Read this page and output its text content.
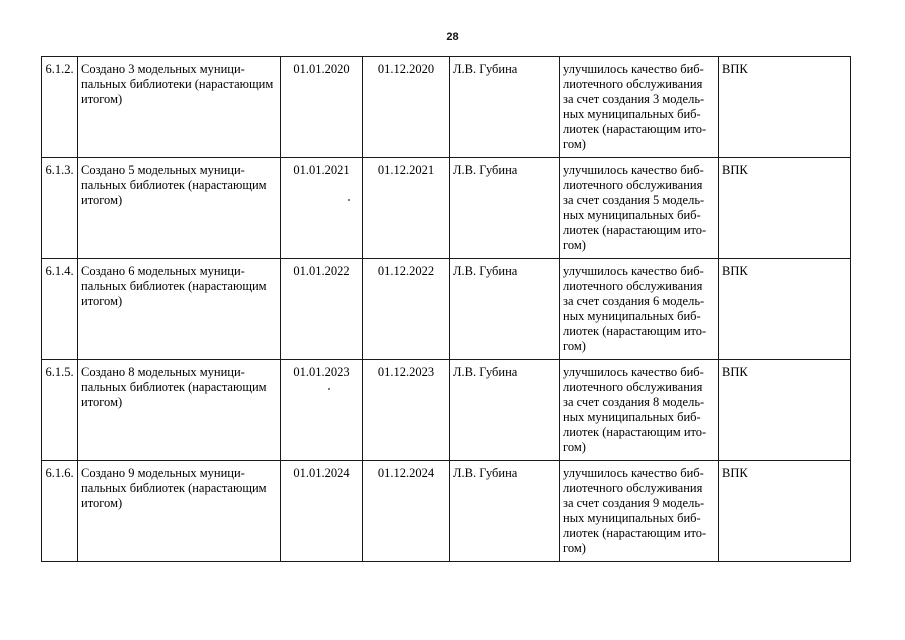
28
6.1.2.	Создано 3 модельных муници-пальных библиотеки (нарастающим итогом)	01.01.2020	01.12.2020	Л.В. Губина	улучшилось качество биб-лиотечного обслуживания за счет создания 3 модель-ных муниципальных биб-лиотек (нарастающим ито-гом)	ВПК
6.1.3.	Создано 5 модельных муници-пальных библиотек (нарастающим итогом)	01.01.2021	01.12.2021	Л.В. Губина	улучшилось качество биб-лиотечного обслуживания за счет создания 5 модель-ных муниципальных биб-лиотек (нарастающим ито-гом)	ВПК
6.1.4.	Создано 6 модельных муници-пальных библиотек (нарастающим итогом)	01.01.2022	01.12.2022	Л.В. Губина	улучшилось качество биб-лиотечного обслуживания за счет создания 6 модель-ных муниципальных биб-лиотек (нарастающим ито-гом)	ВПК
6.1.5.	Создано 8 модельных муници-пальных библиотек (нарастающим итогом)	01.01.2023	01.12.2023	Л.В. Губина	улучшилось качество биб-лиотечного обслуживания за счет создания 8 модель-ных муниципальных биб-лиотек (нарастающим ито-гом)	ВПК
6.1.6.	Создано 9 модельных муници-пальных библиотек (нарастающим итогом)	01.01.2024	01.12.2024	Л.В. Губина	улучшилось качество биб-лиотечного обслуживания за счет создания 9 модель-ных муниципальных биб-лиотек (нарастающим ито-гом)	ВПК
